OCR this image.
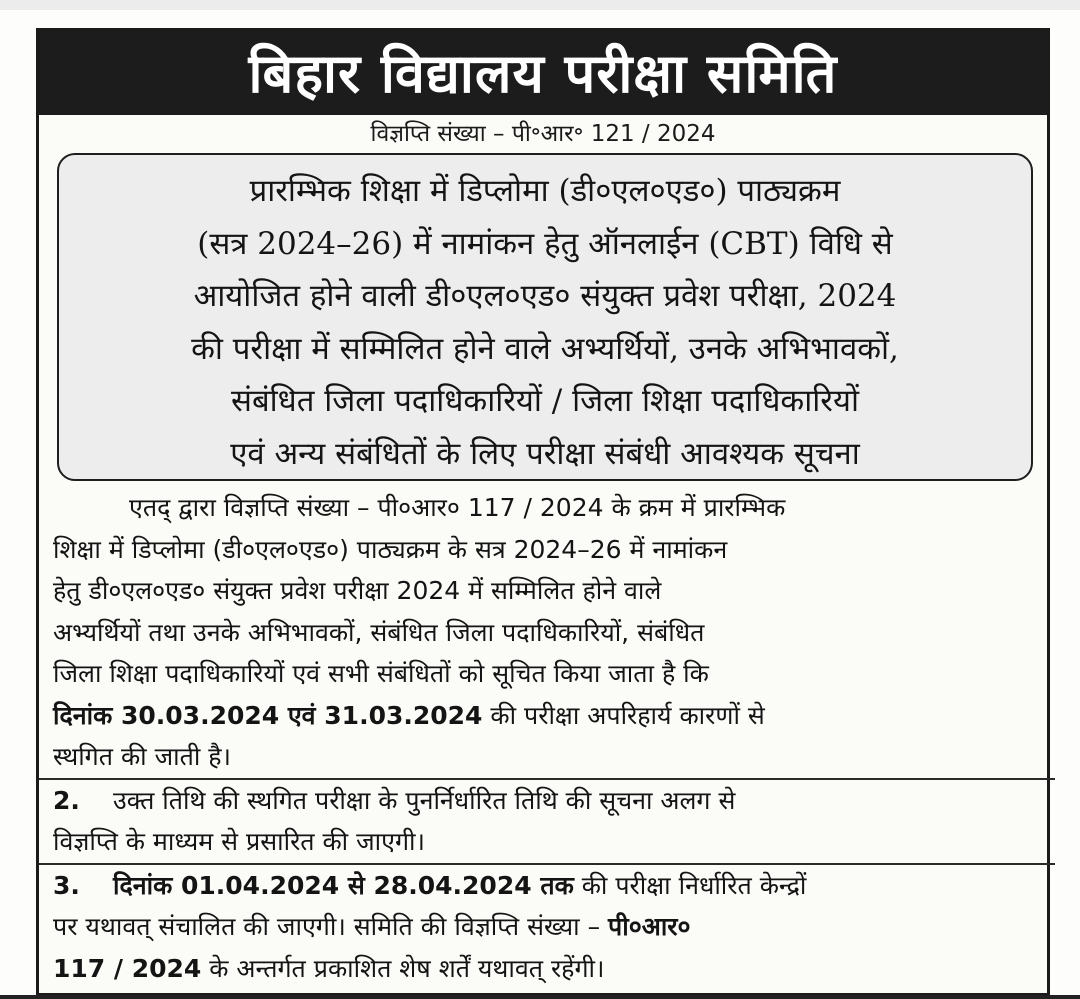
बिहार विद्यालय परीक्षा समिति
विज्ञप्ति संख्या – पी॰आर॰ 121 / 2024
प्रारम्भिक शिक्षा में डिप्लोमा (डी०एल०एड०) पाठ्यक्रम
(सत्र 2024–26) में नामांकन हेतु ऑनलाईन (CBT) विधि से
आयोजित होने वाली डी०एल०एड० संयुक्त प्रवेश परीक्षा, 2024
की परीक्षा में सम्मिलित होने वाले अभ्यर्थियों, उनके अभिभावकों,
संबंधित जिला पदाधिकारियों / जिला शिक्षा पदाधिकारियों
एवं अन्य संबंधितों के लिए परीक्षा संबंधी आवश्यक सूचना
एतद् द्वारा विज्ञप्ति संख्या – पी०आर० 117 / 2024 के क्रम में प्रारम्भिक
शिक्षा में डिप्लोमा (डी०एल०एड०) पाठ्यक्रम के सत्र 2024–26 में नामांकन
हेतु डी०एल०एड० संयुक्त प्रवेश परीक्षा 2024 में सम्मिलित होने वाले
अभ्यर्थियों तथा उनके अभिभावकों, संबंधित जिला पदाधिकारियों, संबंधित
जिला शिक्षा पदाधिकारियों एवं सभी संबंधितों को सूचित किया जाता है कि
दिनांक 30.03.2024 एवं 31.03.2024 की परीक्षा अपरिहार्य कारणों से
स्थगित की जाती है।
2. उक्त तिथि की स्थगित परीक्षा के पुनर्निर्धारित तिथि की सूचना अलग से
विज्ञप्ति के माध्यम से प्रसारित की जाएगी।
3. दिनांक 01.04.2024 से 28.04.2024 तक की परीक्षा निर्धारित केन्द्रों
पर यथावत् संचालित की जाएगी। समिति की विज्ञप्ति संख्या – पी०आर०
117 / 2024 के अन्तर्गत प्रकाशित शेष शर्तें यथावत् रहेंगी।
